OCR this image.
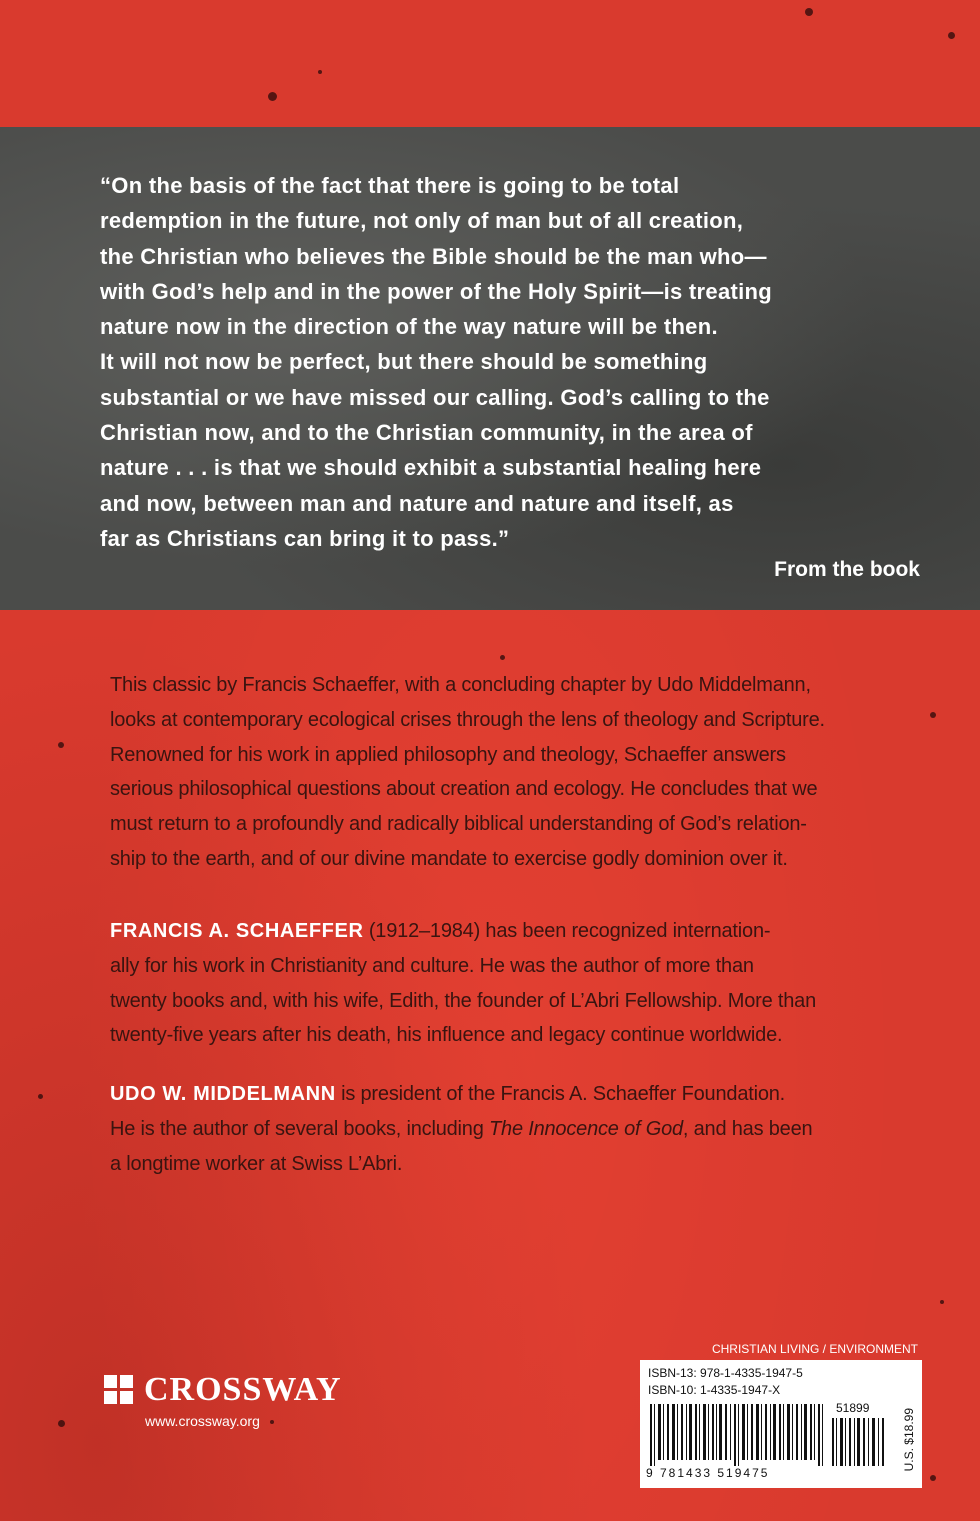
“On the basis of the fact that there is going to be total
redemption in the future, not only of man but of all creation,
the Christian who believes the Bible should be the man who—
with God’s help and in the power of the Holy Spirit—is treating
nature now in the direction of the way nature will be then.
It will not now be perfect, but there should be something
substantial or we have missed our calling. God’s calling to the
Christian now, and to the Christian community, in the area of
nature . . . is that we should exhibit a substantial healing here
and now, between man and nature and nature and itself, as
far as Christians can bring it to pass.”

From the book

This classic by Francis Schaeffer, with a concluding chapter by Udo Middelmann,
looks at contemporary ecological crises through the lens of theology and Scripture.
Renowned for his work in applied philosophy and theology, Schaeffer answers
serious philosophical questions about creation and ecology. He concludes that we
must return to a profoundly and radically biblical understanding of God’s relation-
ship to the earth, and of our divine mandate to exercise godly dominion over it.

FRANCIS A. SCHAEFFER (1912–1984) has been recognized internation-
ally for his work in Christianity and culture. He was the author of more than
twenty books and, with his wife, Edith, the founder of L’Abri Fellowship. More than
twenty-five years after his death, his influence and legacy continue worldwide.

UDO W. MIDDELMANN is president of the Francis A. Schaeffer Foundation.
He is the author of several books, including The Innocence of God, and has been
a longtime worker at Swiss L’Abri.

CROSSWAY

www.crossway.org

CHRISTIAN LIVING / ENVIRONMENT

ISBN-13: 978-1-4335-1947-5

ISBN-10: 1-4335-1947-X

51899

9 781433 519475

U.S. $18.99
